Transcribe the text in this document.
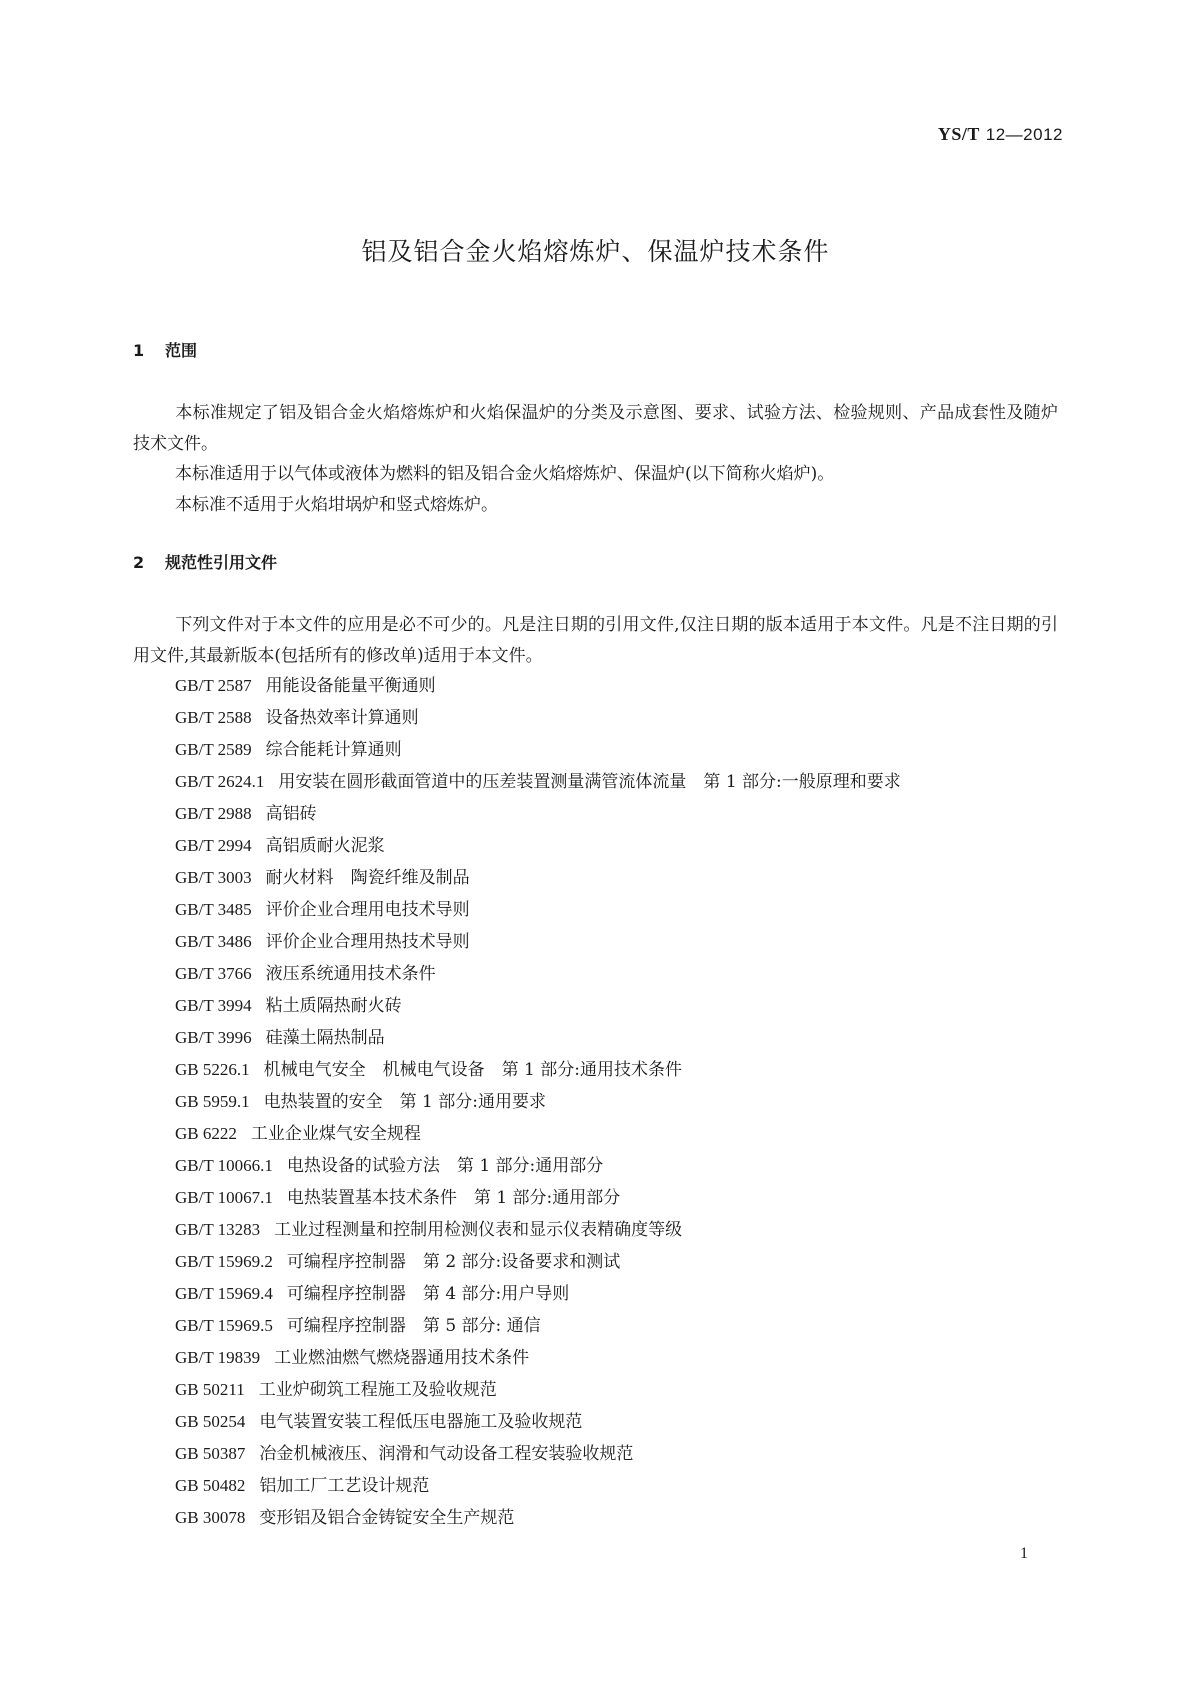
YS/T 12—2012
铝及铝合金火焰熔炼炉、保温炉技术条件
1 范围
本标准规定了铝及铝合金火焰熔炼炉和火焰保温炉的分类及示意图、要求、试验方法、检验规则、产品成套性及随炉技术文件。
本标准适用于以气体或液体为燃料的铝及铝合金火焰熔炼炉、保温炉(以下简称火焰炉)。
本标准不适用于火焰坩埚炉和竖式熔炼炉。
2 规范性引用文件
下列文件对于本文件的应用是必不可少的。凡是注日期的引用文件,仅注日期的版本适用于本文件。凡是不注日期的引用文件,其最新版本(包括所有的修改单)适用于本文件。
GB/T 2587 用能设备能量平衡通则
GB/T 2588 设备热效率计算通则
GB/T 2589 综合能耗计算通则
GB/T 2624.1 用安装在圆形截面管道中的压差装置测量满管流体流量　第 1 部分:一般原理和要求
GB/T 2988 高铝砖
GB/T 2994 高铝质耐火泥浆
GB/T 3003 耐火材料　陶瓷纤维及制品
GB/T 3485 评价企业合理用电技术导则
GB/T 3486 评价企业合理用热技术导则
GB/T 3766 液压系统通用技术条件
GB/T 3994 粘土质隔热耐火砖
GB/T 3996 硅藻土隔热制品
GB 5226.1 机械电气安全　机械电气设备　第 1 部分:通用技术条件
GB 5959.1 电热装置的安全　第 1 部分:通用要求
GB 6222 工业企业煤气安全规程
GB/T 10066.1 电热设备的试验方法　第 1 部分:通用部分
GB/T 10067.1 电热装置基本技术条件　第 1 部分:通用部分
GB/T 13283 工业过程测量和控制用检测仪表和显示仪表精确度等级
GB/T 15969.2 可编程序控制器　第 2 部分:设备要求和测试
GB/T 15969.4 可编程序控制器　第 4 部分:用户导则
GB/T 15969.5 可编程序控制器　第 5 部分: 通信
GB/T 19839 工业燃油燃气燃烧器通用技术条件
GB 50211 工业炉砌筑工程施工及验收规范
GB 50254 电气装置安装工程低压电器施工及验收规范
GB 50387 冶金机械液压、润滑和气动设备工程安装验收规范
GB 50482 铝加工厂工艺设计规范
GB 30078 变形铝及铝合金铸锭安全生产规范
1
